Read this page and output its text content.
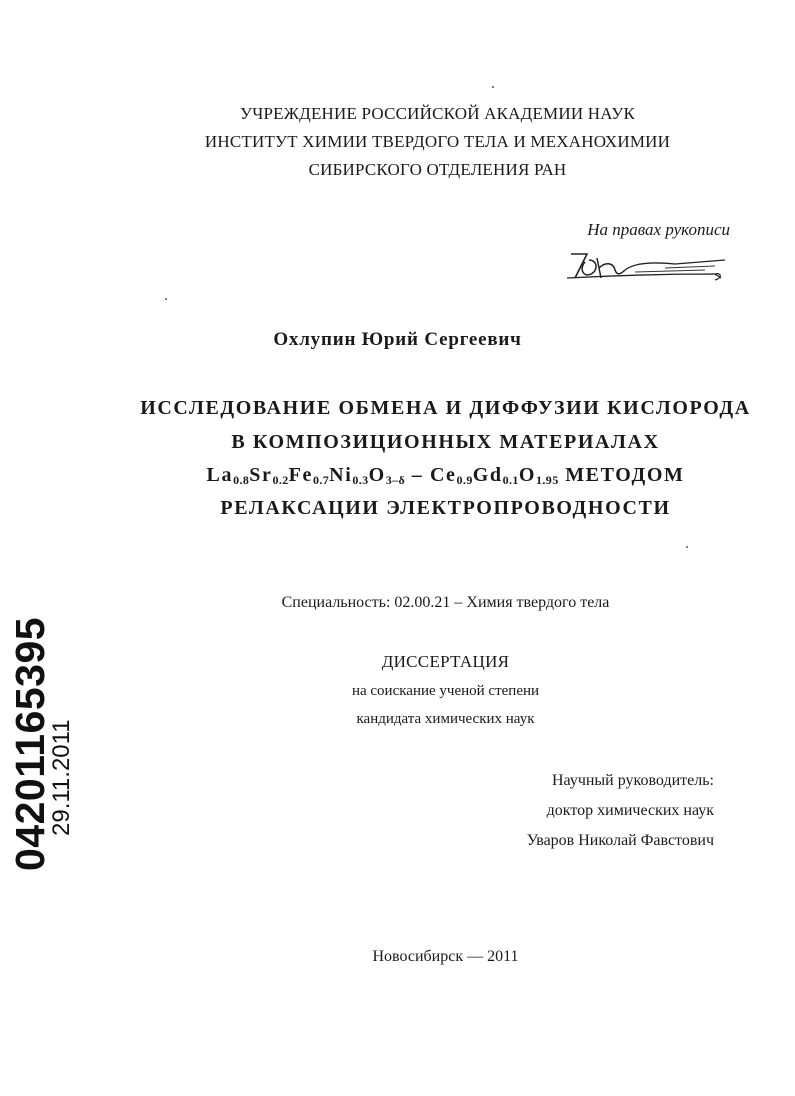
УЧРЕЖДЕНИЕ РОССИЙСКОЙ АКАДЕМИИ НАУК
ИНСТИТУТ ХИМИИ ТВЕРДОГО ТЕЛА И МЕХАНОХИМИИ
СИБИРСКОГО ОТДЕЛЕНИЯ РАН
На правах рукописи
Охлупин Юрий Сергеевич
ИССЛЕДОВАНИЕ ОБМЕНА И ДИФФУЗИИ КИСЛОРОДА
В КОМПОЗИЦИОННЫХ МАТЕРИАЛАХ
$La_{0.8}Sr_{0.2}Fe_{0.7}Ni_{0.3}O_{3-\delta} - Ce_{0.9}Gd_{0.1}O_{1.95}$ МЕТОДОМ
РЕЛАКСАЦИИ ЭЛЕКТРОПРОВОДНОСТИ
Специальность: 02.00.21 – Химия твердого тела
ДИССЕРТАЦИЯ
на соискание ученой степени
кандидата химических наук
Научный руководитель:
доктор химических наук
Уваров Николай Фавстович
Новосибирск — 2011
04201165395
29.11.2011
